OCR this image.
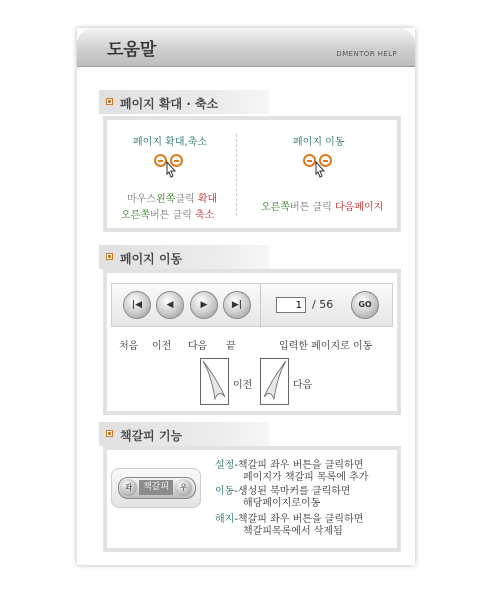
도움말	DMENTOR HELP
페이지 확대 · 축소
페이지 확대,축소
마우스왼쪽클릭 확대
오른쪽버튼 클릭 축소
페이지 이동
오른쪽버튼 클릭 다음페이지
페이지 이동
|◀	◀	▶	▶|	1 / 56	GO
처음 이전 다음 끝	입력한 페이지로 이동
이전	다음
책갈피 기능
좌	책갈피	우
설정-책갈피 좌우 버튼을 클릭하면
페이지가 책갈피 목록에 추가
이동-생성된 북마커를 클릭하면
해당페이지로이동
해지-책갈피 좌우 버튼을 클릭하면
책갈피목록에서 삭제됨
